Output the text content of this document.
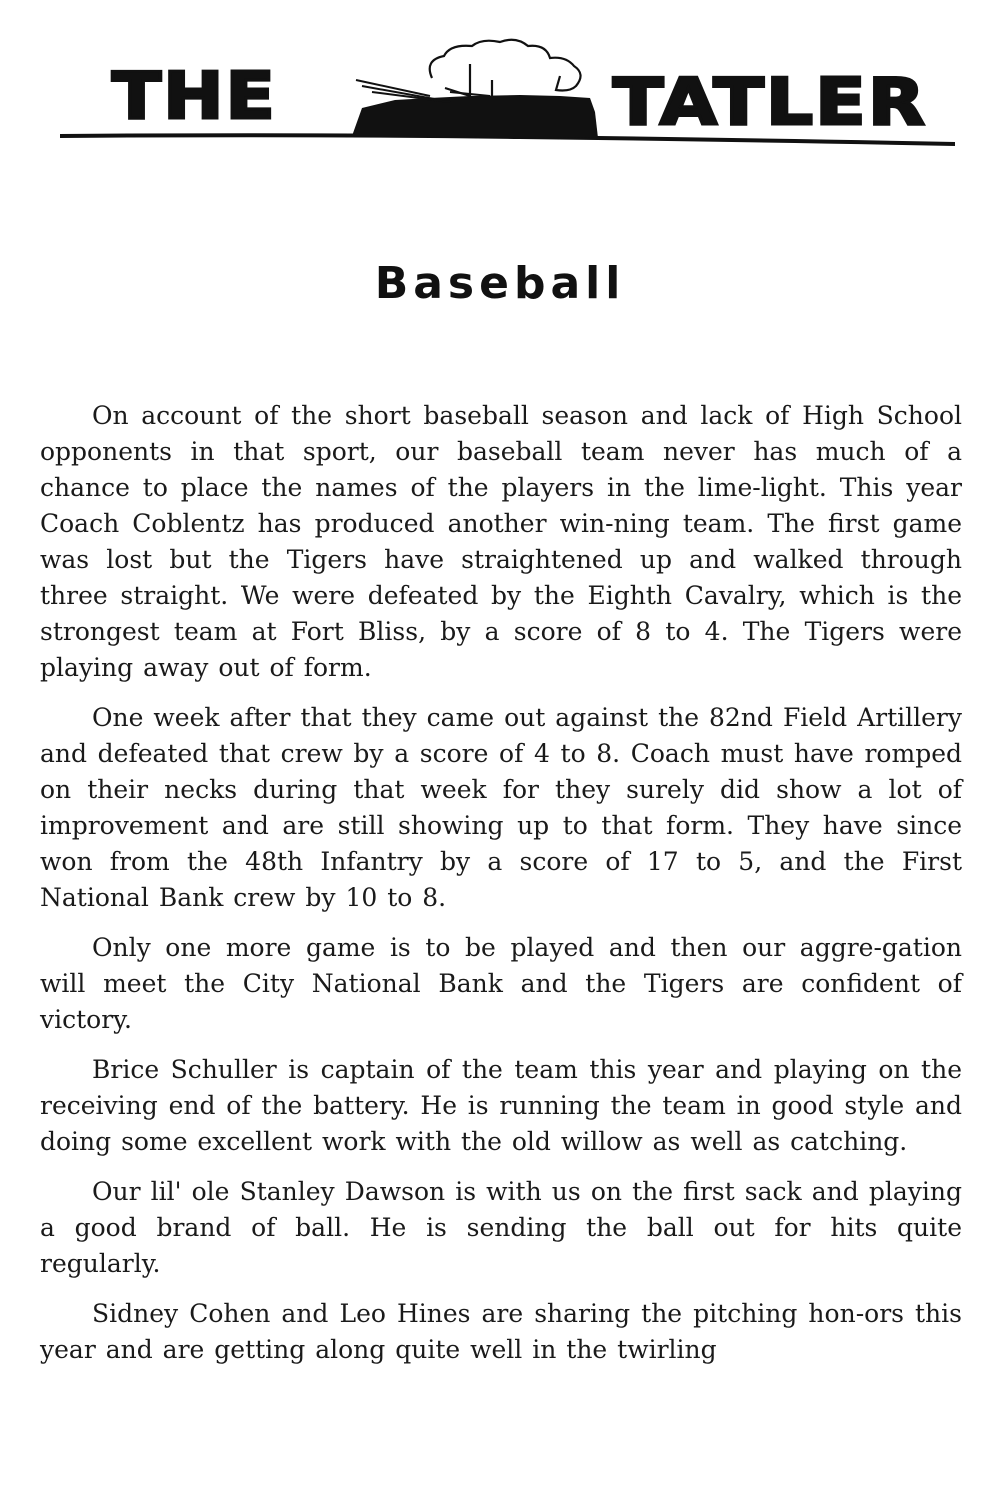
THE	TATLER
Baseball

On account of the short baseball season and lack of High School opponents in that sport, our baseball team never has much of a chance to place the names of the players in the lime-light. This year Coach Coblentz has produced another win-ning team. The first game was lost but the Tigers have straightened up and walked through three straight. We were defeated by the Eighth Cavalry, which is the strongest team at Fort Bliss, by a score of 8 to 4. The Tigers were playing away out of form.

One week after that they came out against the 82nd Field Artillery and defeated that crew by a score of 4 to 8. Coach must have romped on their necks during that week for they surely did show a lot of improvement and are still showing up to that form. They have since won from the 48th Infantry by a score of 17 to 5, and the First National Bank crew by 10 to 8.

Only one more game is to be played and then our aggre-gation will meet the City National Bank and the Tigers are confident of victory.

Brice Schuller is captain of the team this year and playing on the receiving end of the battery. He is running the team in good style and doing some excellent work with the old willow as well as catching.

Our lil' ole Stanley Dawson is with us on the first sack and playing a good brand of ball. He is sending the ball out for hits quite regularly.

Sidney Cohen and Leo Hines are sharing the pitching hon-ors this year and are getting along quite well in the twirling
